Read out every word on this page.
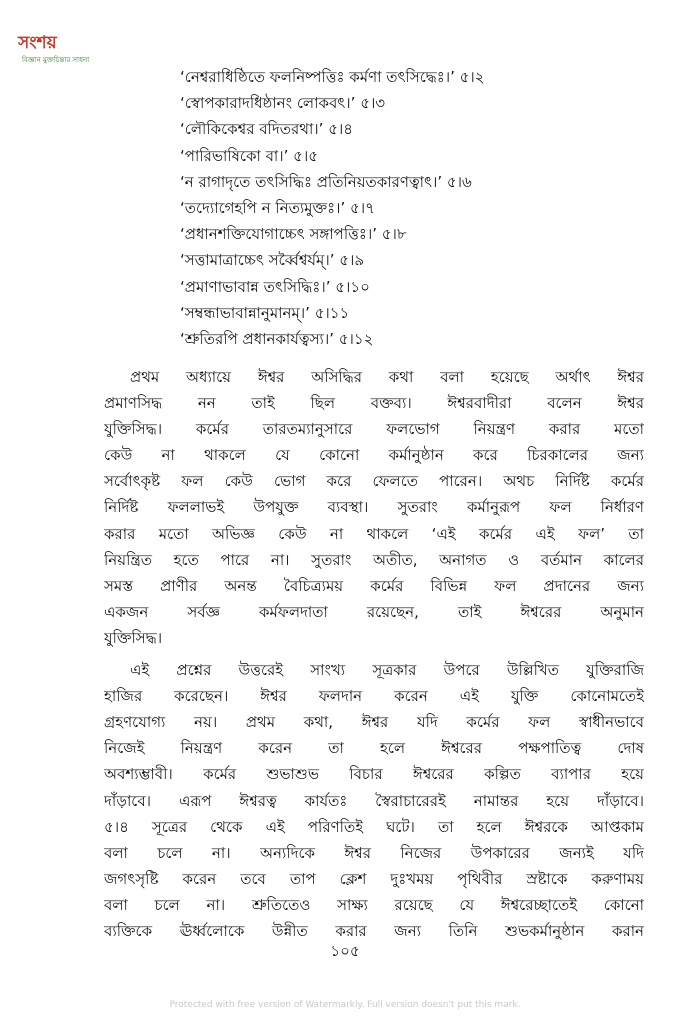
সংশয়
বিজ্ঞান মুক্তচিন্তার সাধনা
‘নেশ্বরাধিষ্ঠিতে ফলনিষ্পত্তিঃ কর্মণা তৎসিদ্ধেঃ।’ ৫।২
‘স্বোপকারাদধিষ্ঠানং লোকবৎ।’ ৫।৩
‘লৌকিকেশ্বর বদিতরথা।’ ৫।৪
‘পারিভাষিকো বা।’ ৫।৫
‘ন রাগাদৃতে তৎসিদ্ধিঃ প্রতিনিয়তকারণত্বাৎ।’ ৫।৬
‘তদ্যোগেহপি ন নিত্যমুক্তঃ।’ ৫।৭
‘প্রধানশক্তিযোগাচ্চেৎ সঙ্গাপত্তিঃ।’ ৫।৮
‘সত্তামাত্রাচ্চেৎ সর্ব্বৈশ্বর্যম্।’ ৫।৯
‘প্রমাণাভাবান্ন তৎসিদ্ধিঃ।’ ৫।১০
‘সম্বন্ধাভাবান্নানুমানম্।’ ৫।১১
‘শ্রুতিরপি প্রধানকার্যত্বস্য।’ ৫।১২
প্রথম অধ্যায়ে ঈশ্বর অসিদ্ধির কথা বলা হয়েছে অর্থাৎ ঈশ্বর
প্রমাণসিদ্ধ নন তাই ছিল বক্তব্য। ঈশ্বরবাদীরা বলেন ঈশ্বর
যুক্তিসিদ্ধ। কর্মের তারতম্যানুসারে ফলভোগ নিয়ন্ত্রণ করার মতো
কেউ না থাকলে যে কোনো কর্মানুষ্ঠান করে চিরকালের জন্য
সর্বোৎকৃষ্ট ফল কেউ ভোগ করে ফেলতে পারেন। অথচ নির্দিষ্ট কর্মের
নির্দিষ্ট ফললাভই উপযুক্ত ব্যবস্থা। সুতরাং কর্মানুরূপ ফল নির্ধারণ
করার মতো অভিজ্ঞ কেউ না থাকলে ‘এই কর্মের এই ফল’ তা
নিয়ন্ত্রিত হতে পারে না। সুতরাং অতীত, অনাগত ও বর্তমান কালের
সমস্ত প্রাণীর অনন্ত বৈচিত্র্যময় কর্মের বিভিন্ন ফল প্রদানের জন্য
একজন সর্বজ্ঞ কর্মফলদাতা রয়েছেন, তাই ঈশ্বরের অনুমান
যুক্তিসিদ্ধ।
এই প্রশ্নের উত্তরেই সাংখ্য সূত্রকার উপরে উল্লিখিত যুক্তিরাজি
হাজির করেছেন। ঈশ্বর ফলদান করেন এই যুক্তি কোনোমতেই
গ্রহণযোগ্য নয়। প্রথম কথা, ঈশ্বর যদি কর্মের ফল স্বাধীনভাবে
নিজেই নিয়ন্ত্রণ করেন তা হলে ঈশ্বরের পক্ষপাতিত্ব দোষ
অবশ্যম্ভাবী। কর্মের শুভাশুভ বিচার ঈশ্বরের কল্পিত ব্যাপার হয়ে
দাঁড়াবে। এরূপ ঈশ্বরত্ব কার্যতঃ স্বৈরাচারেরই নামান্তর হয়ে দাঁড়াবে।
৫।৪ সূত্রের থেকে এই পরিণতিই ঘটে। তা হলে ঈশ্বরকে আপ্তকাম
বলা চলে না। অন্যদিকে ঈশ্বর নিজের উপকারের জন্যই যদি
জগৎসৃষ্টি করেন তবে তাপ ক্লেশ দুঃখময় পৃথিবীর স্রষ্টাকে করুণাময়
বলা চলে না। শ্রুতিতেও সাক্ষ্য রয়েছে যে ঈশ্বরেচ্ছাতেই কোনো
ব্যক্তিকে ঊর্ধ্বলোকে উন্নীত করার জন্য তিনি শুভকর্মানুষ্ঠান করান
১০৫
Protected with free version of Watermarkly. Full version doesn't put this mark.
